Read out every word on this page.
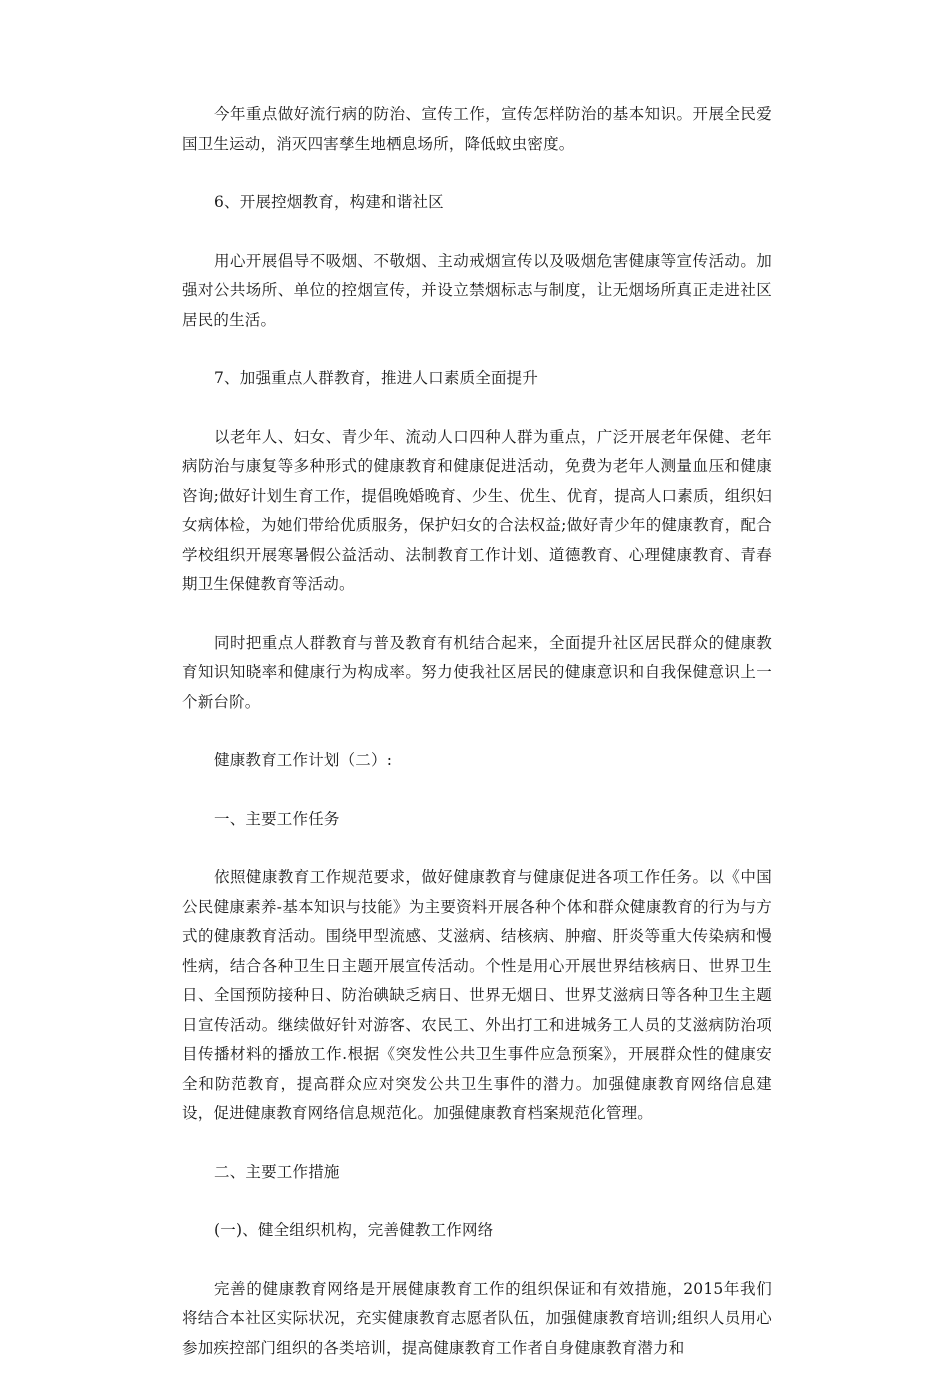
今年重点做好流行病的防治、宣传工作，宣传怎样防治的基本知识。开展全民爱国卫生运动，消灭四害孳生地栖息场所，降低蚊虫密度。

6、开展控烟教育，构建和谐社区

用心开展倡导不吸烟、不敬烟、主动戒烟宣传以及吸烟危害健康等宣传活动。加强对公共场所、单位的控烟宣传，并设立禁烟标志与制度，让无烟场所真正走进社区居民的生活。

7、加强重点人群教育，推进人口素质全面提升

以老年人、妇女、青少年、流动人口四种人群为重点，广泛开展老年保健、老年病防治与康复等多种形式的健康教育和健康促进活动，免费为老年人测量血压和健康咨询;做好计划生育工作，提倡晚婚晚育、少生、优生、优育，提高人口素质，组织妇女病体检，为她们带给优质服务，保护妇女的合法权益;做好青少年的健康教育，配合学校组织开展寒暑假公益活动、法制教育工作计划、道德教育、心理健康教育、青春期卫生保健教育等活动。

同时把重点人群教育与普及教育有机结合起来，全面提升社区居民群众的健康教育知识知晓率和健康行为构成率。努力使我社区居民的健康意识和自我保健意识上一个新台阶。

健康教育工作计划（二）:

一、主要工作任务

依照健康教育工作规范要求，做好健康教育与健康促进各项工作任务。以《中国公民健康素养-基本知识与技能》为主要资料开展各种个体和群众健康教育的行为与方式的健康教育活动。围绕甲型流感、艾滋病、结核病、肿瘤、肝炎等重大传染病和慢性病，结合各种卫生日主题开展宣传活动。个性是用心开展世界结核病日、世界卫生日、全国预防接种日、防治碘缺乏病日、世界无烟日、世界艾滋病日等各种卫生主题日宣传活动。继续做好针对游客、农民工、外出打工和进城务工人员的艾滋病防治项目传播材料的播放工作.根据《突发性公共卫生事件应急预案》，开展群众性的健康安全和防范教育，提高群众应对突发公共卫生事件的潜力。加强健康教育网络信息建设，促进健康教育网络信息规范化。加强健康教育档案规范化管理。

二、主要工作措施

(一)、健全组织机构，完善健教工作网络

完善的健康教育网络是开展健康教育工作的组织保证和有效措施，2015年我们将结合本社区实际状况，充实健康教育志愿者队伍，加强健康教育培训;组织人员用心参加疾控部门组织的各类培训，提高健康教育工作者自身健康教育潜力和
